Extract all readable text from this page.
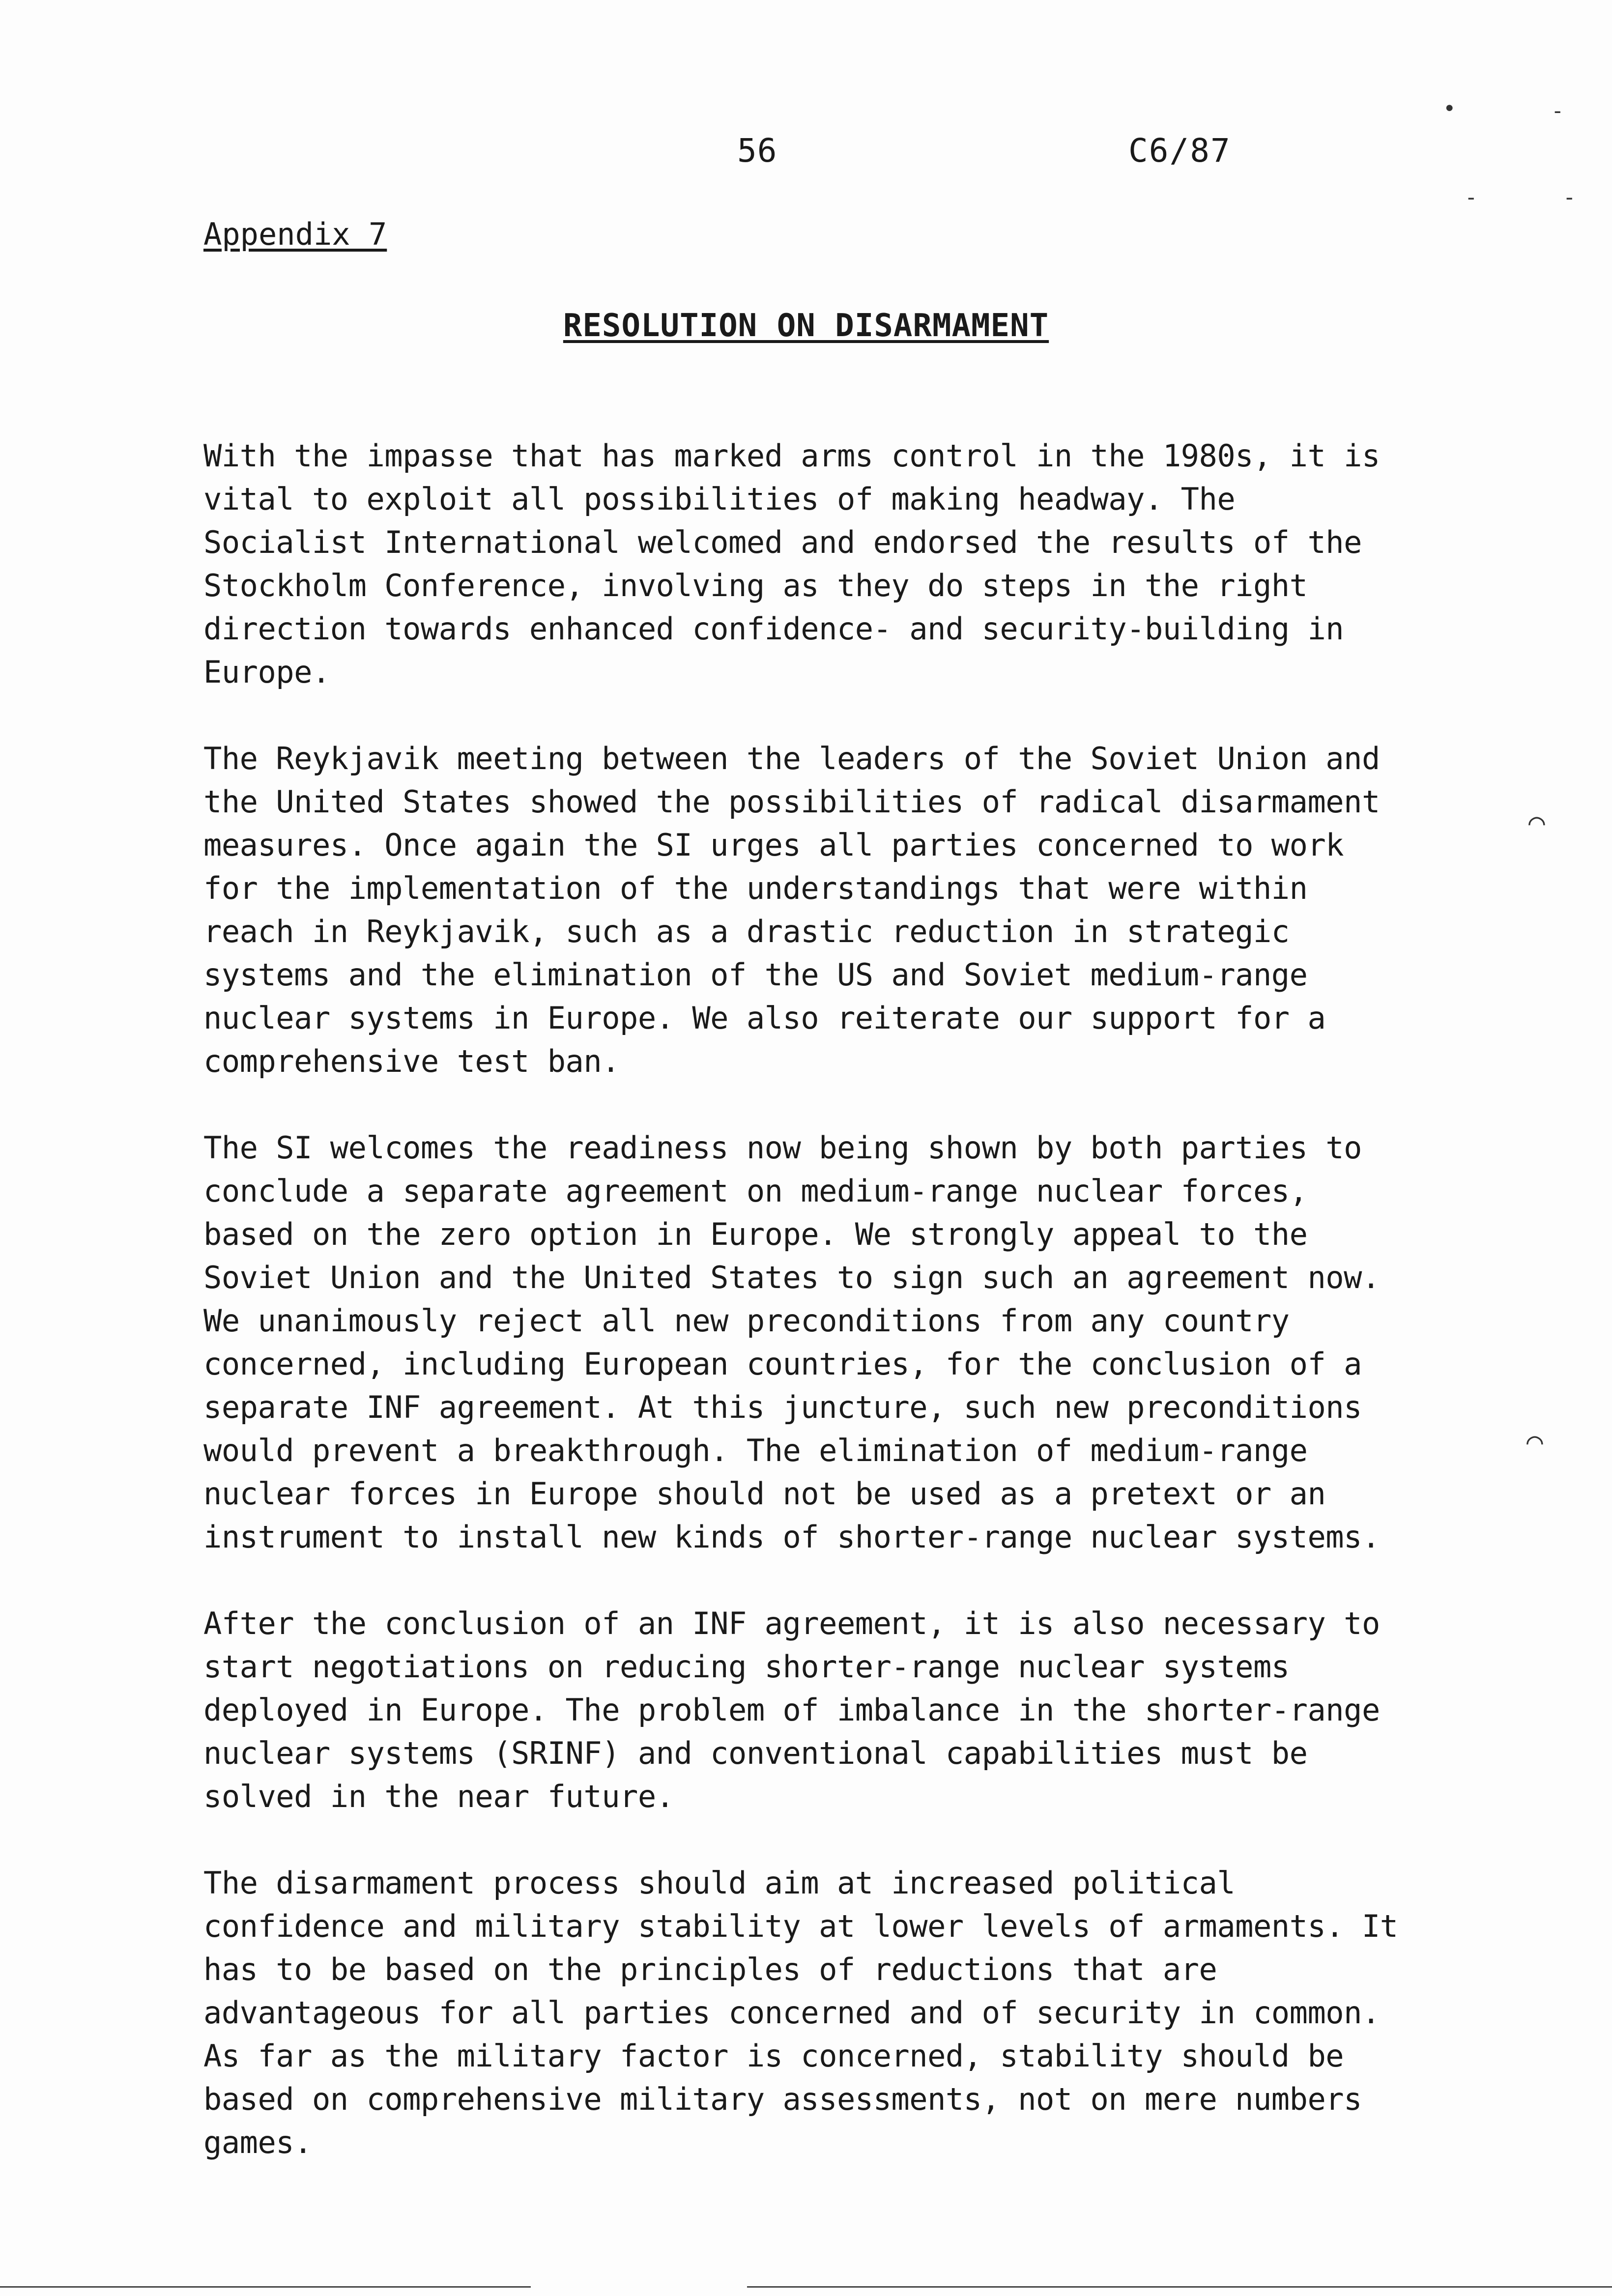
56	C6/87
Appendix 7
RESOLUTION ON DISARMAMENT

With the impasse that has marked arms control in the 1980s, it is vital to exploit all possibilities of making headway. The Socialist International welcomed and endorsed the results of the Stockholm Conference, involving as they do steps in the right direction towards enhanced confidence- and security-building in Europe.

The Reykjavik meeting between the leaders of the Soviet Union and the United States showed the possibilities of radical disarmament measures. Once again the SI urges all parties concerned to work for the implementation of the understandings that were within reach in Reykjavik, such as a drastic reduction in strategic systems and the elimination of the US and Soviet medium-range nuclear systems in Europe. We also reiterate our support for a comprehensive test ban.

The SI welcomes the readiness now being shown by both parties to conclude a separate agreement on medium-range nuclear forces, based on the zero option in Europe. We strongly appeal to the Soviet Union and the United States to sign such an agreement now. We unanimously reject all new preconditions from any country concerned, including European countries, for the conclusion of a separate INF agreement. At this juncture, such new preconditions would prevent a breakthrough. The elimination of medium-range nuclear forces in Europe should not be used as a pretext or an instrument to install new kinds of shorter-range nuclear systems.

After the conclusion of an INF agreement, it is also necessary to start negotiations on reducing shorter-range nuclear systems deployed in Europe. The problem of imbalance in the shorter-range nuclear systems (SRINF) and conventional capabilities must be solved in the near future.

The disarmament process should aim at increased political confidence and military stability at lower levels of armaments. It has to be based on the principles of reductions that are advantageous for all parties concerned and of security in common. As far as the military factor is concerned, stability should be based on comprehensive military assessments, not on mere numbers games.

•	-
-	-
⌒
⌒
